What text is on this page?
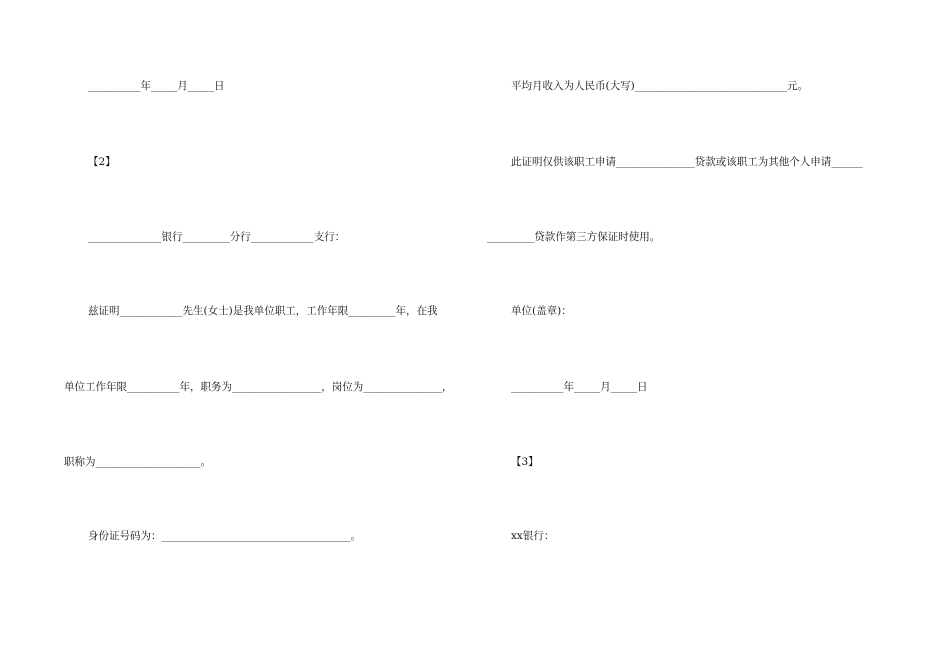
__________年_____月_____日
【2】
______________银行_________分行____________支行：
兹证明____________先生(女士)是我单位职工，工作年限_________年，在我
单位工作年限__________年，职务为_________________，岗位为_______________，
职称为____________________。
身份证号码为：____________________________________。
平均月收入为人民币(大写)_____________________________元。
此证明仅供该职工申请_______________贷款或该职工为其他个人申请______
_________贷款作第三方保证时使用。
单位(盖章)：
__________年_____月_____日
【3】
xx银行：
